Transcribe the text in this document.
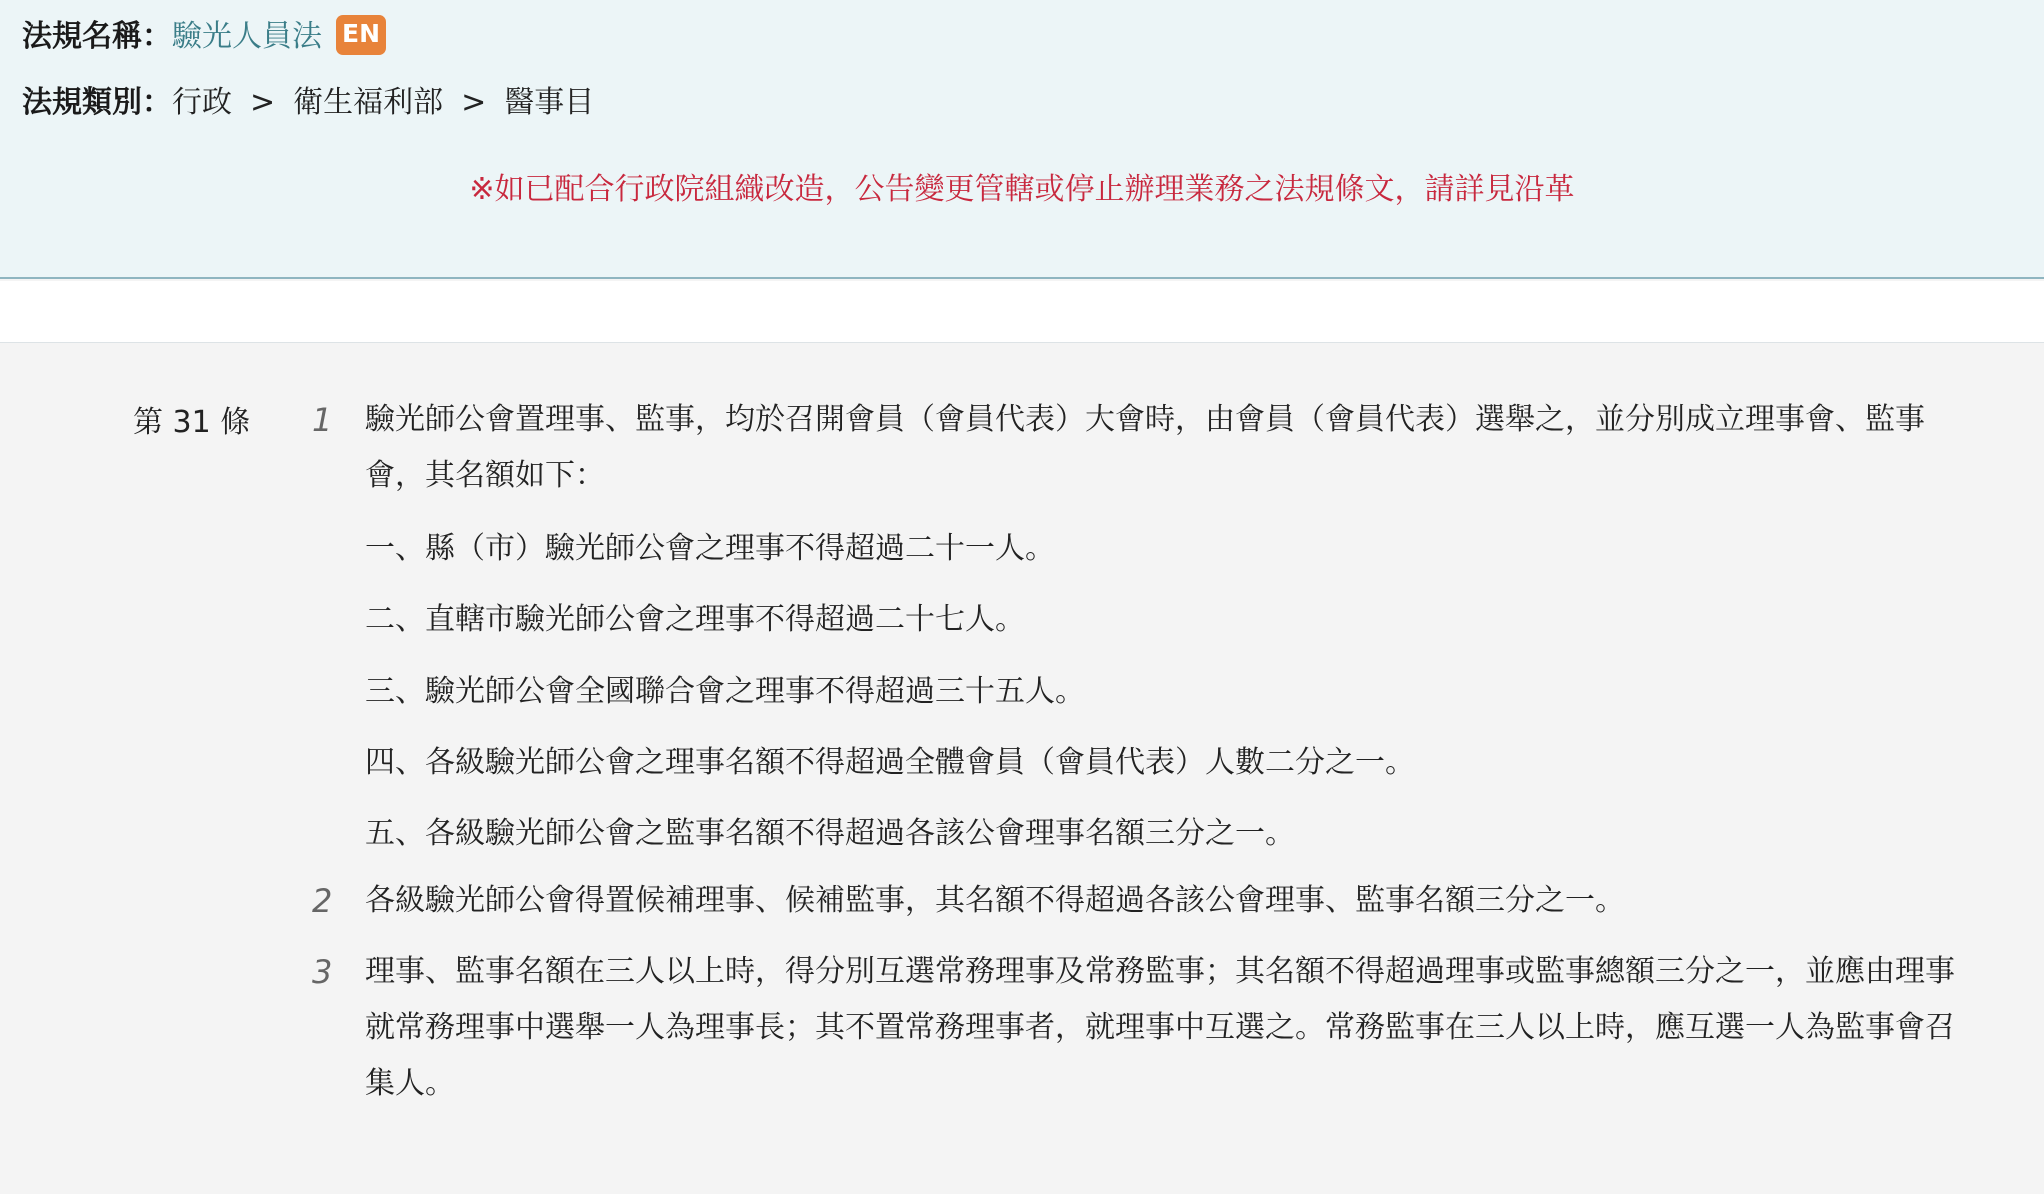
法規名稱：驗光人員法 EN
法規類別：行政 > 衛生福利部 > 醫事目
※如已配合行政院組織改造，公告變更管轄或停止辦理業務之法規條文，請詳見沿革
第 31 條 1 驗光師公會置理事、監事，均於召開會員（會員代表）大會時，由會員（會員代表）選舉之，並分別成立理事會、監事會，其名額如下：
一、縣（市）驗光師公會之理事不得超過二十一人。
二、直轄市驗光師公會之理事不得超過二十七人。
三、驗光師公會全國聯合會之理事不得超過三十五人。
四、各級驗光師公會之理事名額不得超過全體會員（會員代表）人數二分之一。
五、各級驗光師公會之監事名額不得超過各該公會理事名額三分之一。
2 各級驗光師公會得置候補理事、候補監事，其名額不得超過各該公會理事、監事名額三分之一。
3 理事、監事名額在三人以上時，得分別互選常務理事及常務監事；其名額不得超過理事或監事總額三分之一，並應由理事就常務理事中選舉一人為理事長；其不置常務理事者，就理事中互選之。常務監事在三人以上時，應互選一人為監事會召集人。
